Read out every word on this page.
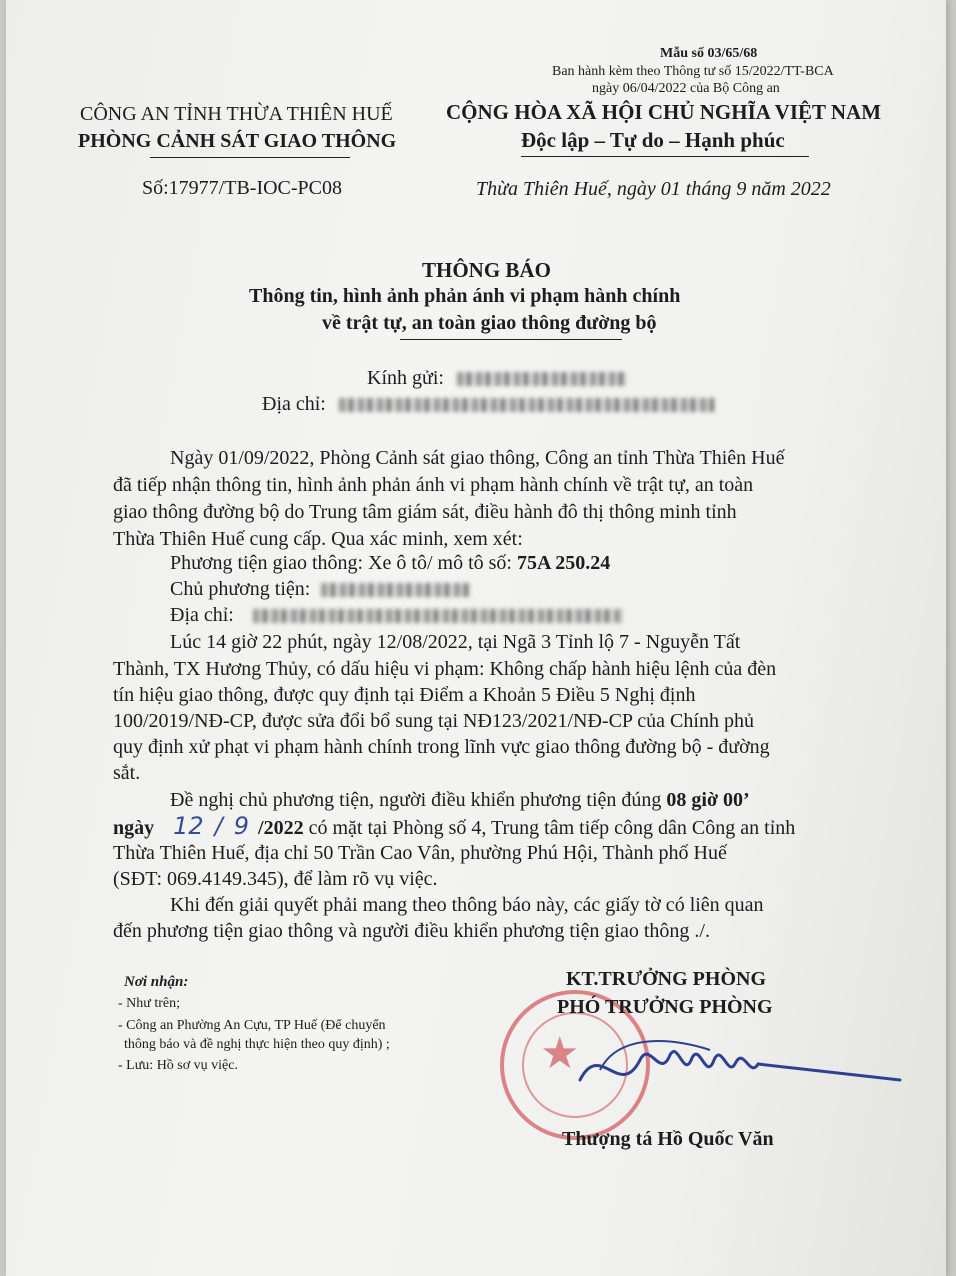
Mẫu số 03/65/68
Ban hành kèm theo Thông tư số 15/2022/TT-BCA
ngày 06/04/2022 của Bộ Công an
CÔNG AN TỈNH THỪA THIÊN HUẾ
PHÒNG CẢNH SÁT GIAO THÔNG
Số:17977/TB-IOC-PC08
CỘNG HÒA XÃ HỘI CHỦ NGHĨA VIỆT NAM
Độc lập – Tự do – Hạnh phúc
Thừa Thiên Huế, ngày 01 tháng 9 năm 2022
THÔNG BÁO
Thông tin, hình ảnh phản ánh vi phạm hành chính
về trật tự, an toàn giao thông đường bộ
Kính gửi:
Địa chỉ:
Ngày 01/09/2022, Phòng Cảnh sát giao thông, Công an tỉnh Thừa Thiên Huế
đã tiếp nhận thông tin, hình ảnh phản ánh vi phạm hành chính về trật tự, an toàn
giao thông đường bộ do Trung tâm giám sát, điều hành đô thị thông minh tỉnh
Thừa Thiên Huế cung cấp. Qua xác minh, xem xét:
Phương tiện giao thông: Xe ô tô/ mô tô số: 75A 250.24
Chủ phương tiện:
Địa chỉ:
Lúc 14 giờ 22 phút, ngày 12/08/2022, tại Ngã 3 Tỉnh lộ 7 - Nguyễn Tất
Thành, TX Hương Thủy, có dấu hiệu vi phạm: Không chấp hành hiệu lệnh của đèn
tín hiệu giao thông, được quy định tại Điểm a Khoản 5 Điều 5 Nghị định
100/2019/NĐ-CP, được sửa đổi bổ sung tại NĐ123/2021/NĐ-CP của Chính phủ
quy định xử phạt vi phạm hành chính trong lĩnh vực giao thông đường bộ - đường
sắt.
Đề nghị chủ phương tiện, người điều khiển phương tiện đúng 08 giờ 00’
ngày 12 / 9 /2022 có mặt tại Phòng số 4, Trung tâm tiếp công dân Công an tỉnh
Thừa Thiên Huế, địa chỉ 50 Trần Cao Vân, phường Phú Hội, Thành phố Huế
(SĐT: 069.4149.345), để làm rõ vụ việc.
Khi đến giải quyết phải mang theo thông báo này, các giấy tờ có liên quan
đến phương tiện giao thông và người điều khiển phương tiện giao thông ./.
Nơi nhận:
- Như trên;
- Công an Phường An Cựu, TP Huế (Để chuyển
thông báo và đề nghị thực hiện theo quy định) ;
- Lưu: Hồ sơ vụ việc.	★
KT.TRƯỞNG PHÒNG
PHÓ TRƯỞNG PHÒNG
Thượng tá Hồ Quốc Văn
